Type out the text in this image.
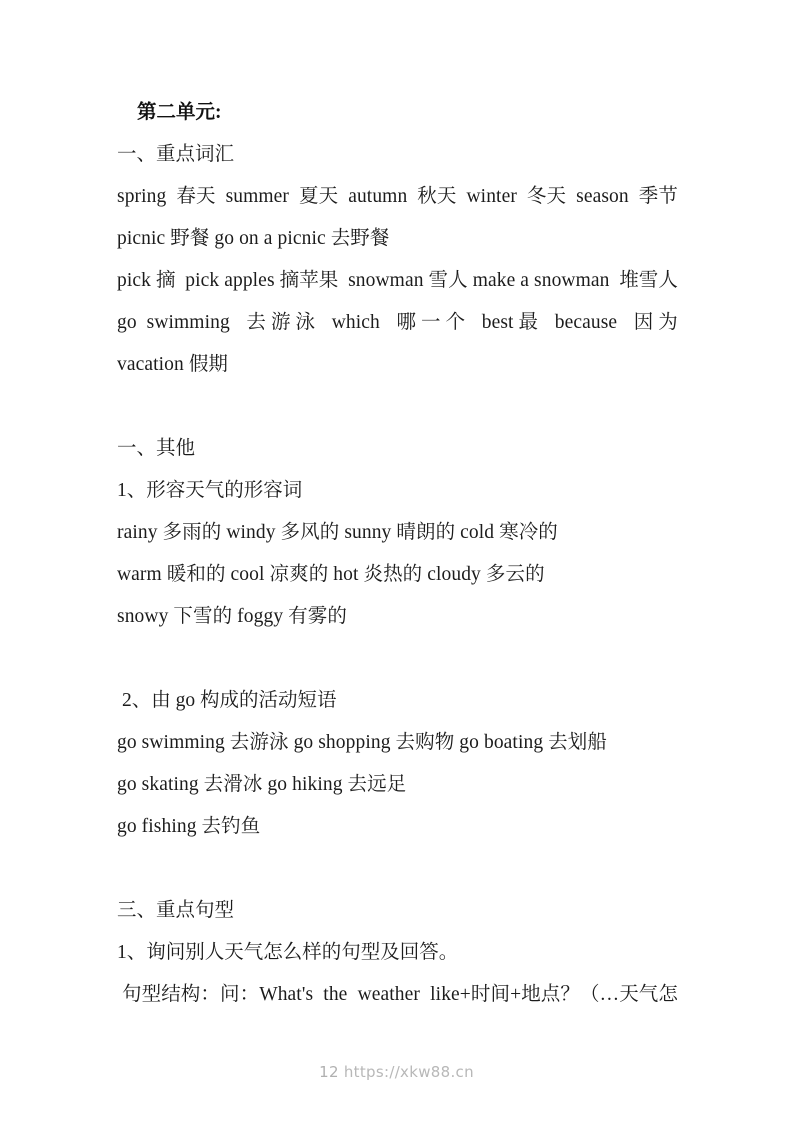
第二单元:
一、重点词汇
spring 春天 summer 夏天 autumn 秋天 winter 冬天 season 季节
picnic 野餐 go on a picnic 去野餐
pick 摘 pick apples 摘苹果 snowman 雪人 make a snowman 堆雪人
go  swimming 去 游 泳 which 哪 一 个 best 最 because 因 为
vacation 假期
一、其他
1、形容天气的形容词
rainy 多雨的 windy 多风的 sunny 晴朗的 cold 寒冷的
warm 暖和的 cool 凉爽的 hot 炎热的 cloudy 多云的
snowy 下雪的 foggy 有雾的
2、由 go 构成的活动短语
go swimming 去游泳 go shopping 去购物 go boating 去划船
go skating 去滑冰 go hiking 去远足
go fishing 去钓鱼
三、重点句型
1、询问别人天气怎么样的句型及回答。
句型结构：问：What's the weather like+时间+地点？（…天气怎
12 https://xkw88.cn
